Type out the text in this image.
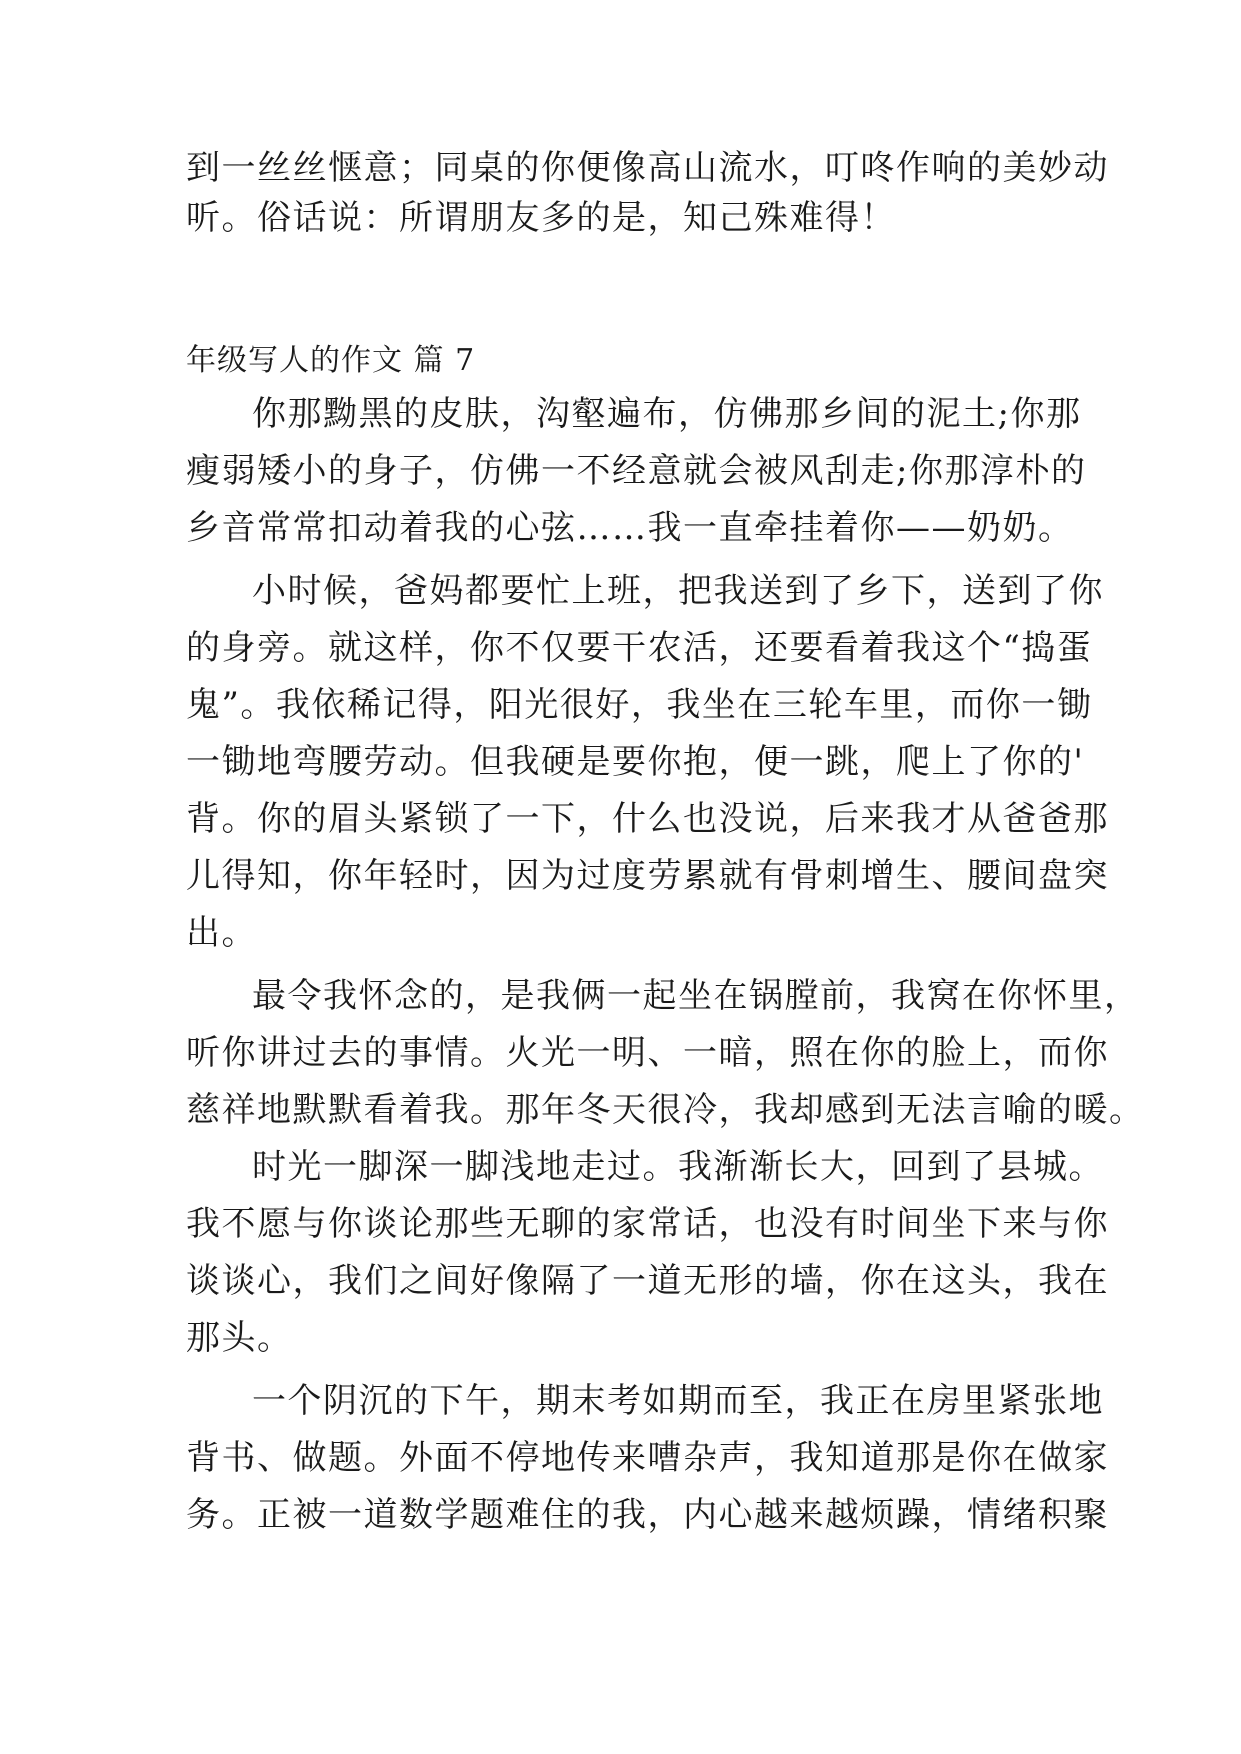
到一丝丝惬意；同桌的你便像高山流水，叮咚作响的美妙动
听。俗话说：所谓朋友多的是，知己殊难得！
年级写人的作文 篇 7
你那黝黑的皮肤，沟壑遍布，仿佛那乡间的泥土;你那
瘦弱矮小的身子，仿佛一不经意就会被风刮走;你那淳朴的
乡音常常扣动着我的心弦……我一直牵挂着你——奶奶。
小时候，爸妈都要忙上班，把我送到了乡下，送到了你
的身旁。就这样，你不仅要干农活，还要看着我这个“捣蛋
鬼”。我依稀记得，阳光很好，我坐在三轮车里，而你一锄
一锄地弯腰劳动。但我硬是要你抱，便一跳，爬上了你的'
背。你的眉头紧锁了一下，什么也没说，后来我才从爸爸那
儿得知，你年轻时，因为过度劳累就有骨刺增生、腰间盘突
出。
最令我怀念的，是我俩一起坐在锅膛前，我窝在你怀里，
听你讲过去的事情。火光一明、一暗，照在你的脸上，而你
慈祥地默默看着我。那年冬天很冷，我却感到无法言喻的暖。
时光一脚深一脚浅地走过。我渐渐长大，回到了县城。
我不愿与你谈论那些无聊的家常话，也没有时间坐下来与你
谈谈心，我们之间好像隔了一道无形的墙，你在这头，我在
那头。
一个阴沉的下午，期末考如期而至，我正在房里紧张地
背书、做题。外面不停地传来嘈杂声，我知道那是你在做家
务。正被一道数学题难住的我，内心越来越烦躁，情绪积聚
